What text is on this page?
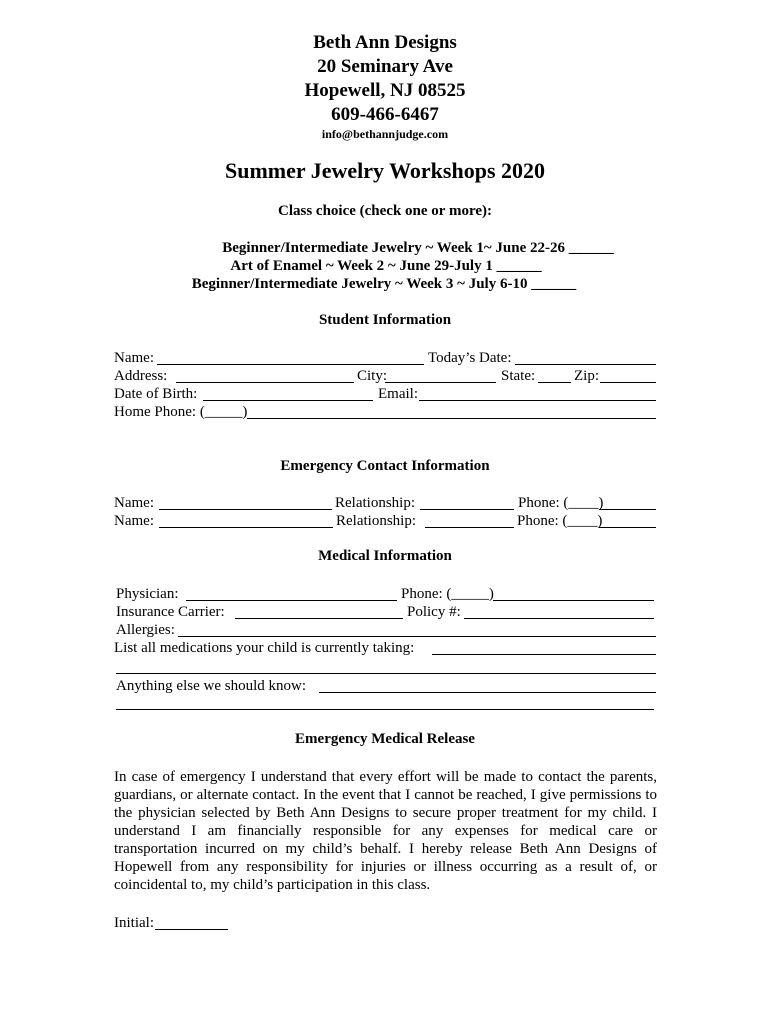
Beth Ann Designs
20 Seminary Ave
Hopewell, NJ 08525
609-466-6467
info@bethannjudge.com
Summer Jewelry Workshops 2020
Class choice (check one or more):
Beginner/Intermediate Jewelry ~ Week 1~ June 22-26 ______
Art of Enamel ~ Week 2 ~ June 29-July 1 ______
Beginner/Intermediate Jewelry ~ Week 3 ~ July 6-10 ______
Student Information
Name:	Today’s Date:
Address:	City:	State:	Zip:
Date of Birth:	Email:
Home Phone: (_____)
Emergency Contact Information
Name:	Relationship:	Phone: (____)
Name:	Relationship:	Phone: (____)
Medical Information
Physician:	Phone: (_____)
Insurance Carrier:	Policy #:
Allergies:
List all medications your child is currently taking:
Anything else we should know:
Emergency Medical Release
In case of emergency I understand that every effort will be made to contact the parents, guardians, or alternate contact. In the event that I cannot be reached, I give permissions to the physician selected by Beth Ann Designs to secure proper treatment for my child. I understand I am financially responsible for any expenses for medical care or transportation incurred on my child’s behalf. I hereby release Beth Ann Designs of Hopewell from any responsibility for injuries or illness occurring as a result of, or coincidental to, my child’s participation in this class.
Initial:
